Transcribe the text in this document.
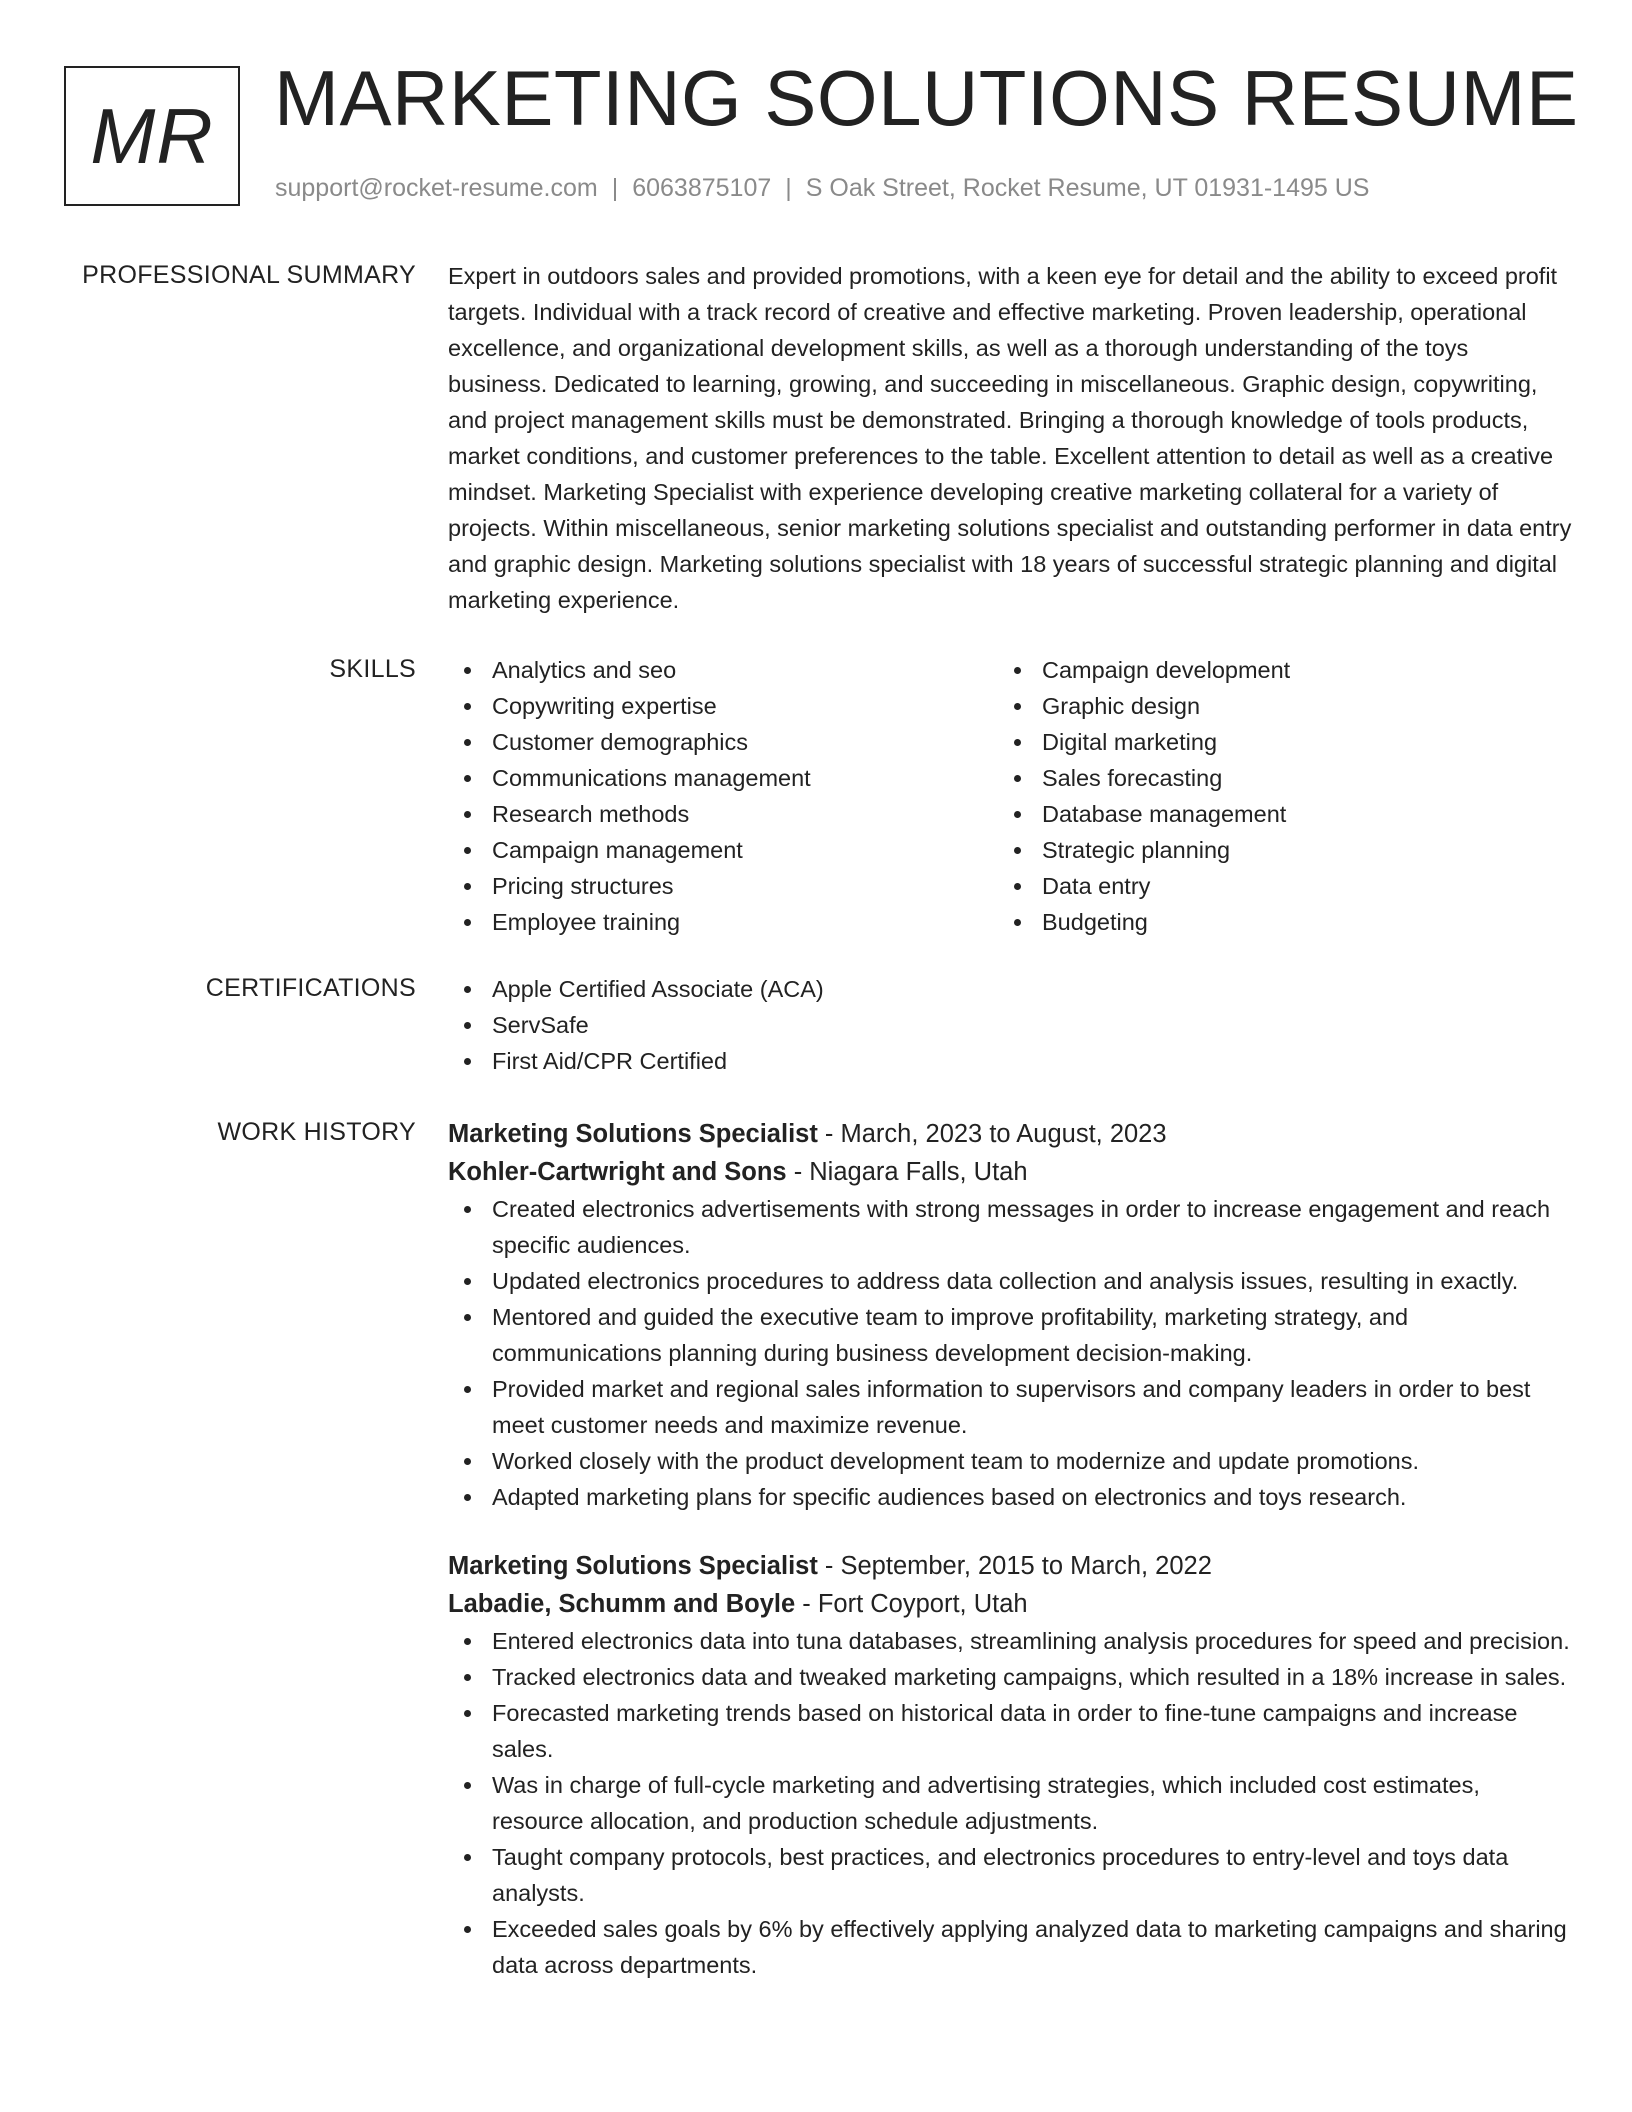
MR MARKETING SOLUTIONS RESUME
support@rocket-resume.com | 6063875107 | S Oak Street, Rocket Resume, UT 01931-1495 US
PROFESSIONAL SUMMARY Expert in outdoors sales and provided promotions, with a keen eye for detail and the ability to exceed profit targets. Individual with a track record of creative and effective marketing. Proven leadership, operational excellence, and organizational development skills, as well as a thorough understanding of the toys business. Dedicated to learning, growing, and succeeding in miscellaneous. Graphic design, copywriting, and project management skills must be demonstrated. Bringing a thorough knowledge of tools products, market conditions, and customer preferences to the table. Excellent attention to detail as well as a creative mindset. Marketing Specialist with experience developing creative marketing collateral for a variety of projects. Within miscellaneous, senior marketing solutions specialist and outstanding performer in data entry and graphic design. Marketing solutions specialist with 18 years of successful strategic planning and digital marketing experience.

SKILLS	Analytics and seo
Copywriting expertise
Customer demographics
Communications management
Research methods
Campaign management
Pricing structures
Employee training
Campaign development
Graphic design
Digital marketing
Sales forecasting
Database management
Strategic planning
Data entry
Budgeting
CERTIFICATIONS	Apple Certified Associate (ACA)
ServSafe
First Aid/CPR Certified
WORK HISTORY Marketing Solutions Specialist - March, 2023 to August, 2023
Kohler-Cartwright and Sons - Niagara Falls, Utah
Created electronics advertisements with strong messages in order to increase engagement and reach specific audiences.
Updated electronics procedures to address data collection and analysis issues, resulting in exactly.
Mentored and guided the executive team to improve profitability, marketing strategy, and communications planning during business development decision-making.
Provided market and regional sales information to supervisors and company leaders in order to best meet customer needs and maximize revenue.
Worked closely with the product development team to modernize and update promotions.
Adapted marketing plans for specific audiences based on electronics and toys research.
Marketing Solutions Specialist - September, 2015 to March, 2022
Labadie, Schumm and Boyle - Fort Coyport, Utah
Entered electronics data into tuna databases, streamlining analysis procedures for speed and precision.
Tracked electronics data and tweaked marketing campaigns, which resulted in a 18% increase in sales.
Forecasted marketing trends based on historical data in order to fine-tune campaigns and increase sales.
Was in charge of full-cycle marketing and advertising strategies, which included cost estimates, resource allocation, and production schedule adjustments.
Taught company protocols, best practices, and electronics procedures to entry-level and toys data analysts.
Exceeded sales goals by 6% by effectively applying analyzed data to marketing campaigns and sharing data across departments.
